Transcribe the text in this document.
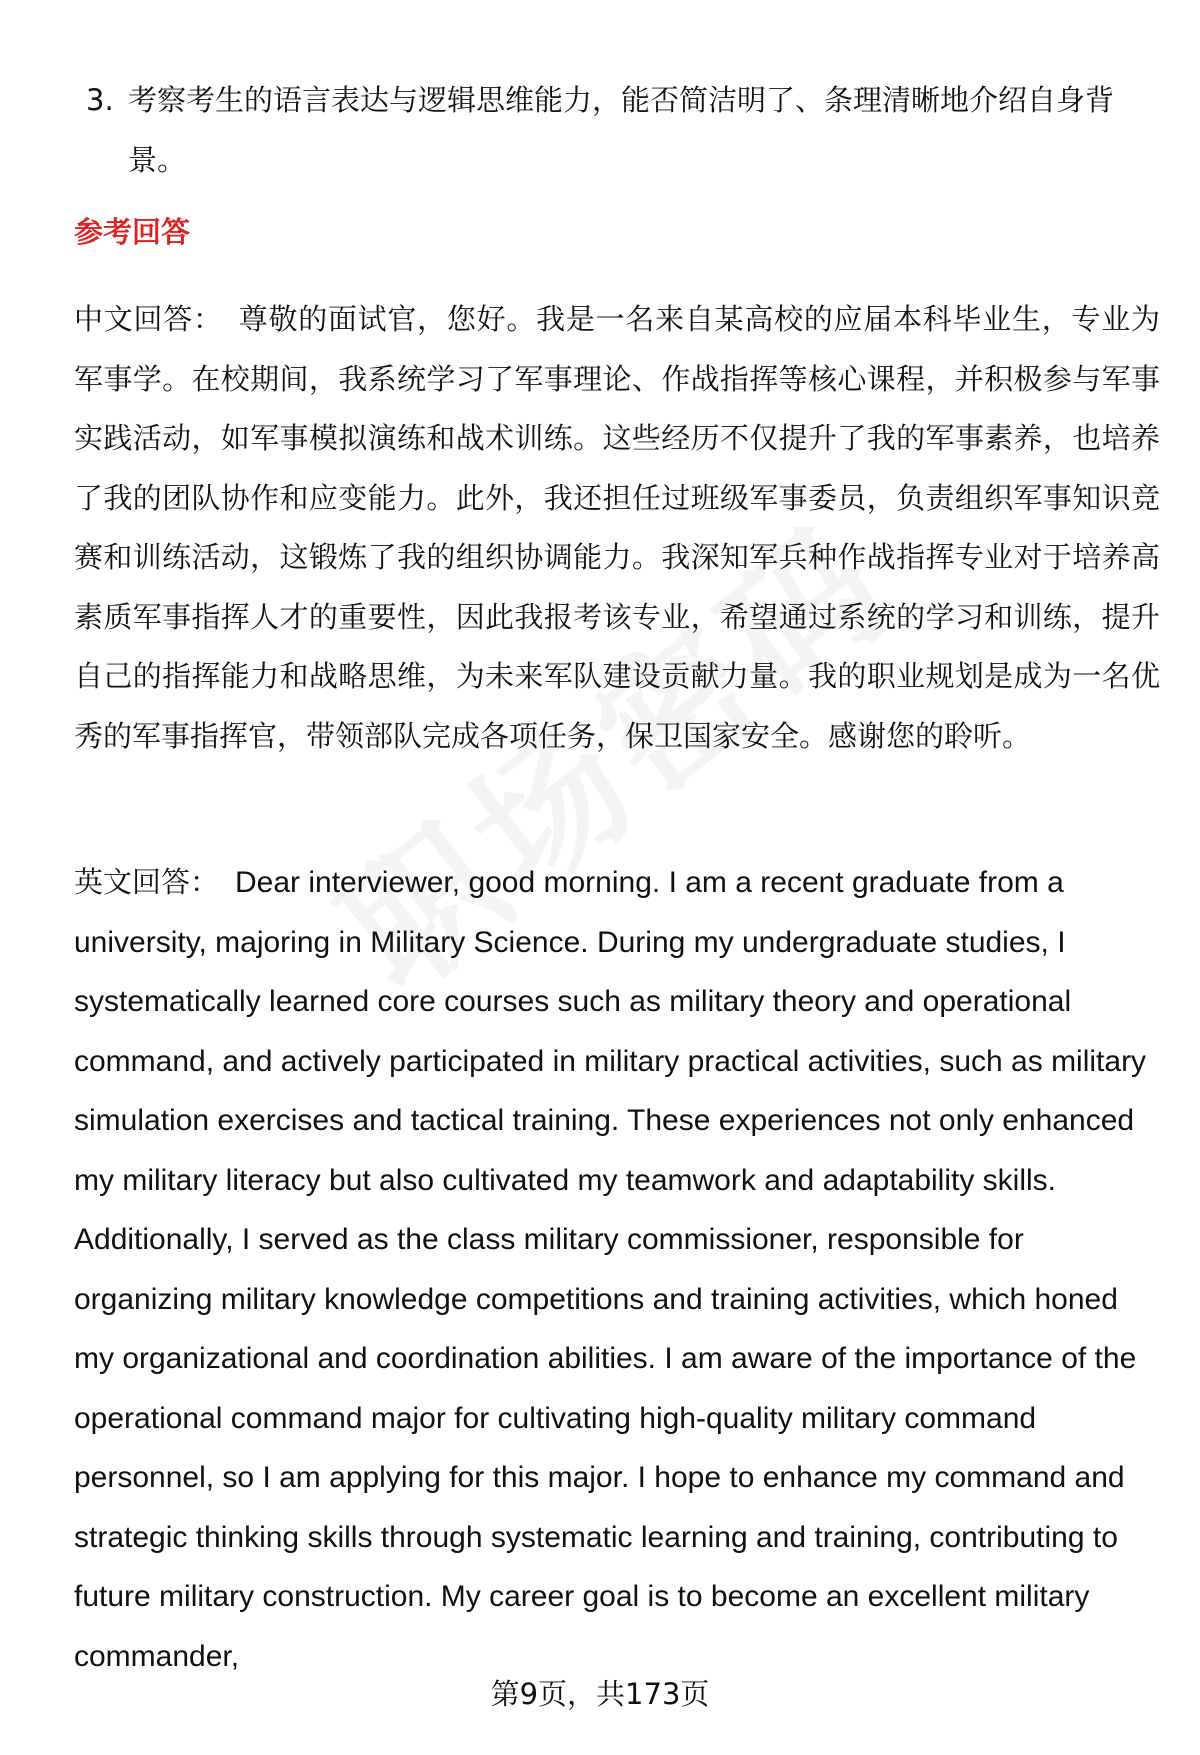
3. 考察考生的语言表达与逻辑思维能力，能否简洁明了、条理清晰地介绍自身背景。
参考回答

中文回答： 尊敬的面试官，您好。我是一名来自某高校的应届本科毕业生，专业为军事学。在校期间，我系统学习了军事理论、作战指挥等核心课程，并积极参与军事实践活动，如军事模拟演练和战术训练。这些经历不仅提升了我的军事素养，也培养了我的团队协作和应变能力。此外，我还担任过班级军事委员，负责组织军事知识竞赛和训练活动，这锻炼了我的组织协调能力。我深知军兵种作战指挥专业对于培养高素质军事指挥人才的重要性，因此我报考该专业，希望通过系统的学习和训练，提升自己的指挥能力和战略思维，为未来军队建设贡献力量。我的职业规划是成为一名优秀的军事指挥官，带领部队完成各项任务，保卫国家安全。感谢您的聆听。

英文回答： Dear interviewer, good morning. I am a recent graduate from a university, majoring in Military Science. During my undergraduate studies, I systematically learned core courses such as military theory and operational command, and actively participated in military practical activities, such as military simulation exercises and tactical training. These experiences not only enhanced my military literacy but also cultivated my teamwork and adaptability skills. Additionally, I served as the class military commissioner, responsible for organizing military knowledge competitions and training activities, which honed my organizational and coordination abilities. I am aware of the importance of the operational command major for cultivating high-quality military command personnel, so I am applying for this major. I hope to enhance my command and strategic thinking skills through systematic learning and training, contributing to future military construction. My career goal is to become an excellent military commander,

第9页，共173页
